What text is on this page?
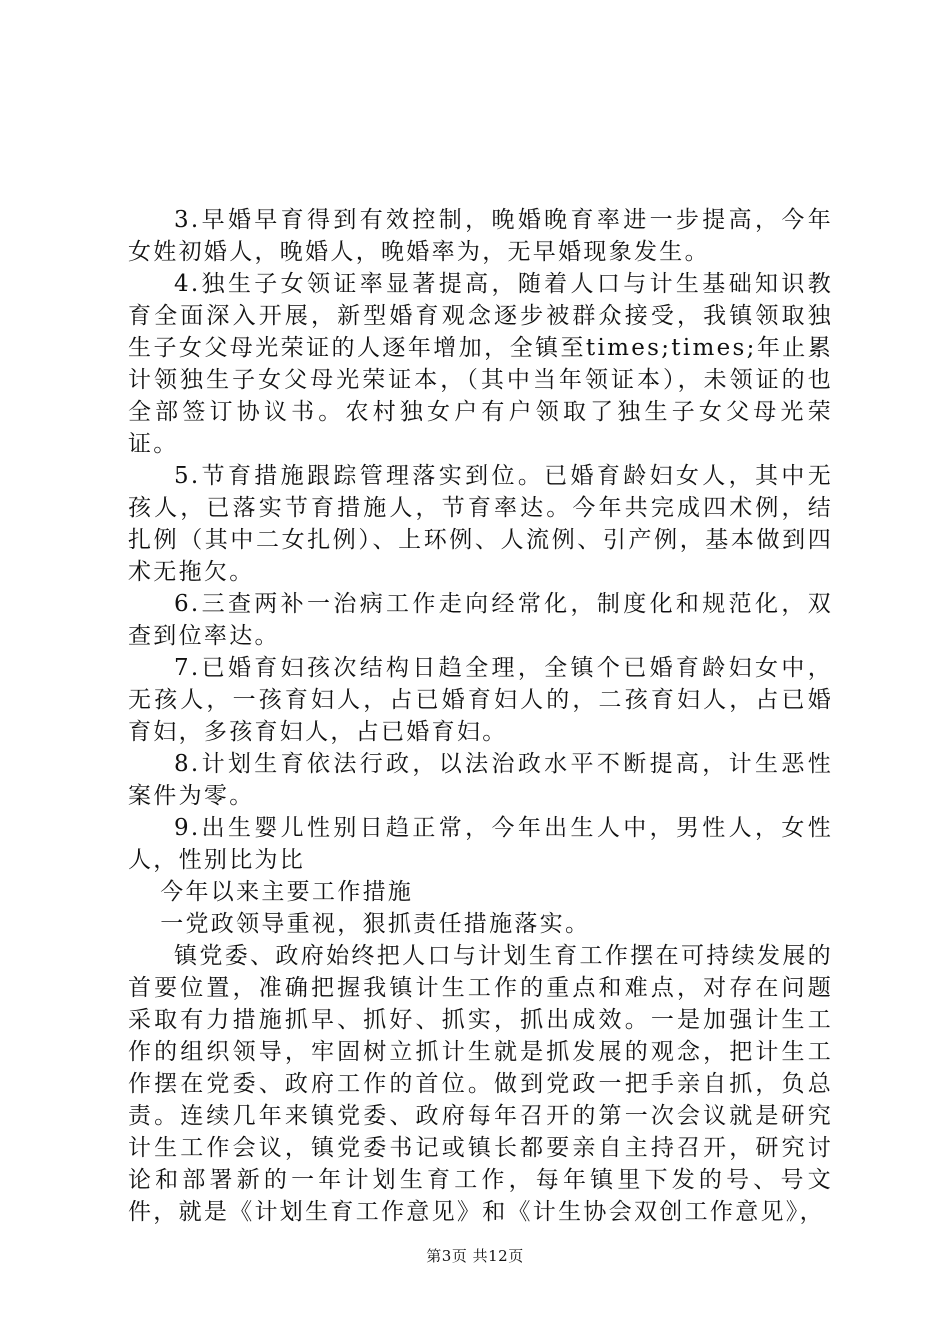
3.早婚早育得到有效控制，晚婚晚育率进一步提高，今年女姓初婚人，晚婚人，晚婚率为，无早婚现象发生。

4.独生子女领证率显著提高，随着人口与计生基础知识教育全面深入开展，新型婚育观念逐步被群众接受，我镇领取独生子女父母光荣证的人逐年增加，全镇至times;times;年止累计领独生子女父母光荣证本，（其中当年领证本），未领证的也全部签订协议书。农村独女户有户领取了独生子女父母光荣证。

5.节育措施跟踪管理落实到位。已婚育龄妇女人，其中无孩人，已落实节育措施人，节育率达。今年共完成四术例，结扎例（其中二女扎例）、上环例、人流例、引产例，基本做到四术无拖欠。

6.三查两补一治病工作走向经常化，制度化和规范化，双查到位率达。

7.已婚育妇孩次结构日趋全理，全镇个已婚育龄妇女中，无孩人，一孩育妇人，占已婚育妇人的，二孩育妇人，占已婚育妇，多孩育妇人，占已婚育妇。

8.计划生育依法行政，以法治政水平不断提高，计生恶性案件为零。

9.出生婴儿性别日趋正常，今年出生人中，男性人，女性人，性别比为比

今年以来主要工作措施

一党政领导重视，狠抓责任措施落实。

镇党委、政府始终把人口与计划生育工作摆在可持续发展的首要位置，准确把握我镇计生工作的重点和难点，对存在问题采取有力措施抓早、抓好、抓实，抓出成效。一是加强计生工作的组织领导，牢固树立抓计生就是抓发展的观念，把计生工作摆在党委、政府工作的首位。做到党政一把手亲自抓，负总责。连续几年来镇党委、政府每年召开的第一次会议就是研究计生工作会议，镇党委书记或镇长都要亲自主持召开，研究讨论和部署新的一年计划生育工作，每年镇里下发的号、号文件，就是《计划生育工作意见》和《计生协会双创工作意见》，

第3页 共12页
